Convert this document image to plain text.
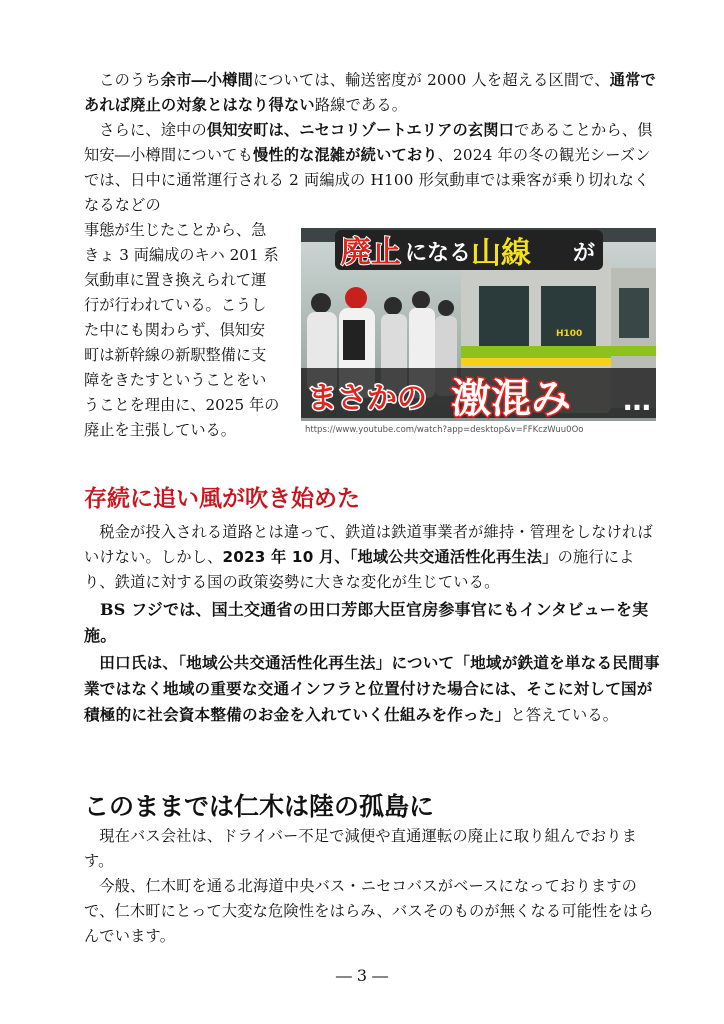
このうち余市―小樽間については、輸送密度が 2000 人を超える区間で、通常であれば廃止の対象とはなり得ない路線である。

さらに、途中の倶知安町は、ニセコリゾートエリアの玄関口であることから、倶知安―小樽間についても慢性的な混雑が続いており、2024 年の冬の観光シーズンでは、日中に通常運行される 2 両編成の H100 形気動車では乗客が乗り切れなくなるなどの

事態が生じたことから、急きょ 3 両編成のキハ 201 系気動車に置き換えられて運行が行われている。こうした中にも関わらず、倶知安町は新幹線の新駅整備に支障をきたすということをいうことを理由に、2025 年の廃止を主張している。

H100
廃止 になる 山線 が
まさかの 激混み …
https://www.youtube.com/watch?app=desktop&v=FFKczWuu0Oo
存続に追い風が吹き始めた

税金が投入される道路とは違って、鉄道は鉄道事業者が維持・管理をしなければいけない。しかし、2023 年 10 月、「地域公共交通活性化再生法」の施行により、鉄道に対する国の政策姿勢に大きな変化が生じている。

BS フジでは、国土交通省の田口芳郎大臣官房参事官にもインタビューを実施。

田口氏は、「地域公共交通活性化再生法」について「地域が鉄道を単なる民間事業ではなく地域の重要な交通インフラと位置付けた場合には、そこに対して国が積極的に社会資本整備のお金を入れていく仕組みを作った」と答えている。

このままでは仁木は陸の孤島に

現在バス会社は、ドライバー不足で減便や直通運転の廃止に取り組んでおります。

今般、仁木町を通る北海道中央バス・ニセコバスがベースになっておりますので、仁木町にとって大変な危険性をはらみ、バスそのものが無くなる可能性をはらんでいます。

― 3 ―
